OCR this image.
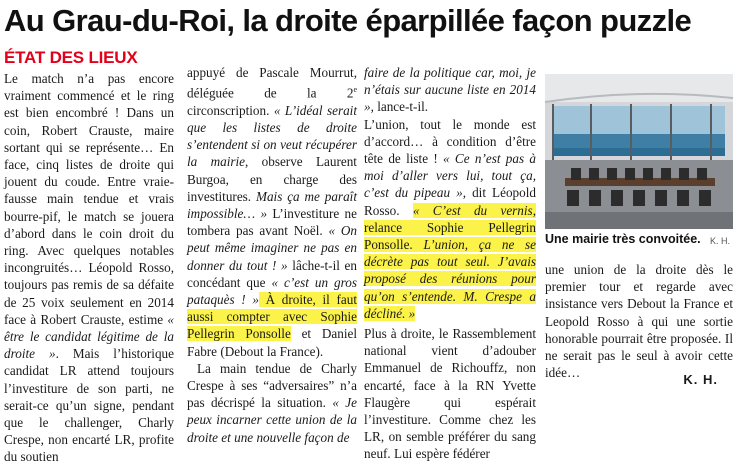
Au Grau-du-Roi, la droite éparpillée façon puzzle
ÉTAT DES LIEUX

Le match n’a pas encore vraiment commencé et le ring est bien encombré ! Dans un coin, Robert Crauste, maire sortant qui se représente… En face, cinq listes de droite qui jouent du coude. Entre vraie-fausse main tendue et vrais bourre-pif, le match se jouera d’abord dans le coin droit du ring. Avec quelques notables incongruités… Léopold Rosso, toujours pas remis de sa défaite de 25 voix seulement en 2014 face à Robert Crauste, estime « être le candidat légitime de la droite ». Mais l’historique candidat LR attend toujours l’investiture de son parti, ne serait-ce qu’un signe, pendant que le challenger, Charly Crespe, non encarté LR, profite du soutien

appuyé de Pascale Mourrut, déléguée de la 2e circonscription. « L’idéal serait que les listes de droite s’entendent si on veut récupérer la mairie, observe Laurent Burgoa, en charge des investitures. Mais ça me paraît impossible… » L’investiture ne tombera pas avant Noël. « On peut même imaginer ne pas en donner du tout ! » lâche-t-il en concédant que « c’est un gros pataquès ! » À droite, il faut aussi compter avec Sophie Pellegrin Ponsolle et Daniel Fabre (Debout la France).

La main tendue de Charly Crespe à ses “adversaires” n’a pas décrispé la situation. « Je peux incarner cette union de la droite et une nouvelle façon de

faire de la politique car, moi, je n’étais sur aucune liste en 2014 », lance-t-il.

L’union, tout le monde est d’accord… à condition d’être tête de liste ! « Ce n’est pas à moi d’aller vers lui, tout ça, c’est du pipeau », dit Léopold Rosso. « C’est du vernis, relance Sophie Pellegrin Ponsolle. L’union, ça ne se décrète pas tout seul. J’avais proposé des réunions pour qu’on s’entende. M. Crespe a décliné. »

Plus à droite, le Rassemblement national vient d’adouber Emmanuel de Richouffz, non encarté, face à la RN Yvette Flaugère qui espérait l’investiture. Comme chez les LR, on semble préférer du sang neuf. Lui espère fédérer

Une mairie très convoitée.	K. H.

une union de la droite dès le premier tour et regarde avec insistance vers Debout la France et Leopold Rosso à qui une sortie honorable pourrait être proposée. Il ne serait pas le seul à avoir cette idée…	K. H.
